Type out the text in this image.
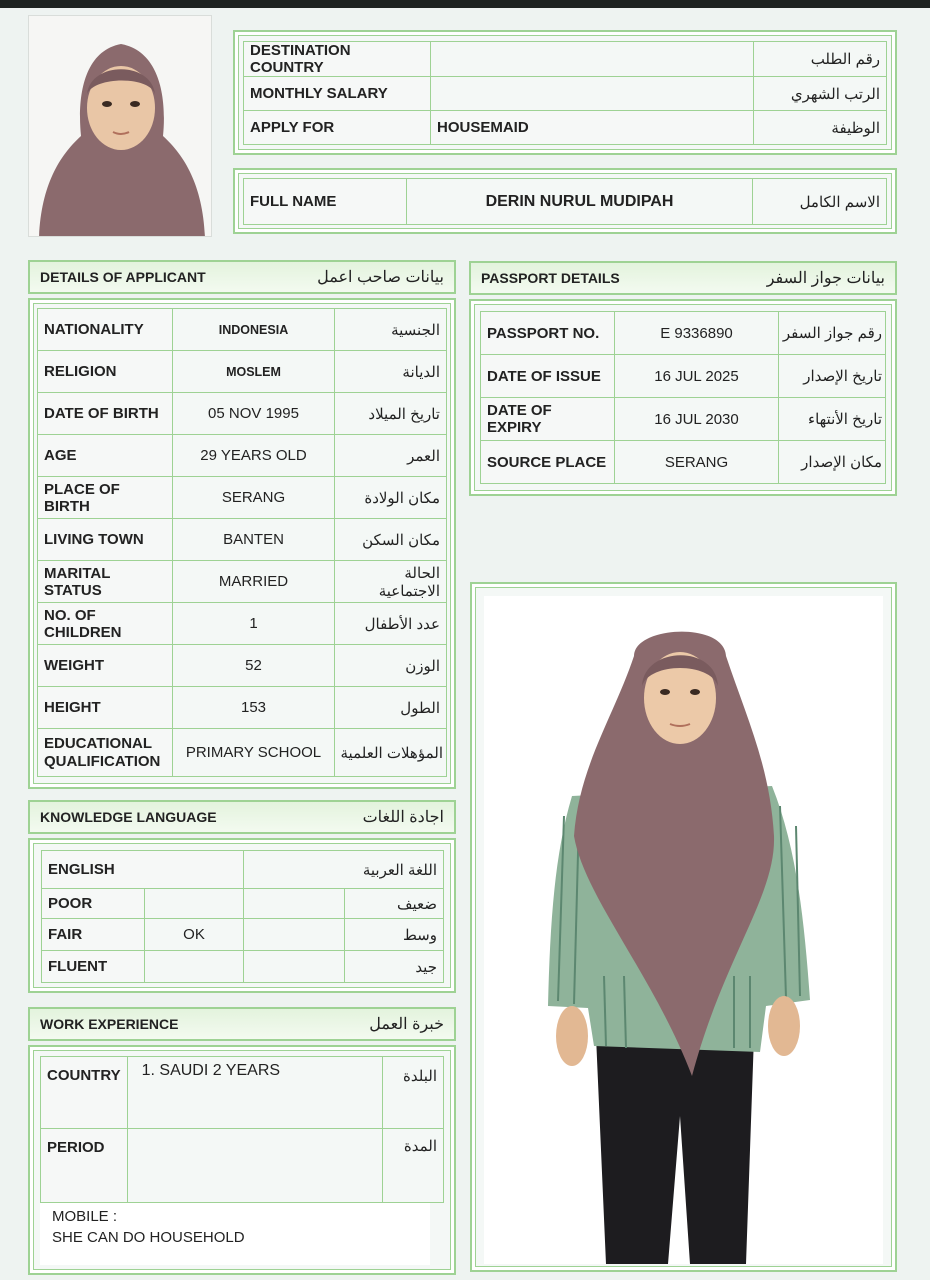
DESTINATION COUNTRY		رقم الطلب
MONTHLY SALARY		الرتب الشهري
APPLY FOR	HOUSEMAID	الوظيفة
FULL NAME	DERIN NURUL MUDIPAH	الاسم الكامل
DETAILS OF APPLICANT	بيانات صاحب اعمل
NATIONALITY	INDONESIA	الجنسية
RELIGION	MOSLEM	الديانة
DATE OF BIRTH	05 NOV 1995	تاريخ الميلاد
AGE	29 YEARS OLD	العمر
PLACE OF BIRTH	SERANG	مكان الولادة
LIVING TOWN	BANTEN	مكان السكن
MARITAL STATUS	MARRIED	الحالة الاجتماعية
NO. OF CHILDREN	1	عدد الأطفال
WEIGHT	52	الوزن
HEIGHT	153	الطول
EDUCATIONAL
QUALIFICATION	PRIMARY SCHOOL	المؤهلات العلمية
PASSPORT DETAILS	بيانات جواز السفر
PASSPORT NO.	E 9336890	رقم جواز السفر
DATE OF ISSUE	16 JUL 2025	تاريخ الإصدار
DATE OF EXPIRY	16 JUL 2030	تاريخ الأنتهاء
SOURCE PLACE	SERANG	مكان الإصدار
KNOWLEDGE LANGUAGE	اجادة اللغات
ENGLISH		اللغة العربية	
POOR			ضعيف
FAIR	OK		وسط
FLUENT			جيد
WORK EXPERIENCE	خبرة العمل
COUNTRY	1. SAUDI 2 YEARS	البلدة
PERIOD		المدة
MOBILE :
SHE CAN DO HOUSEHOLD
